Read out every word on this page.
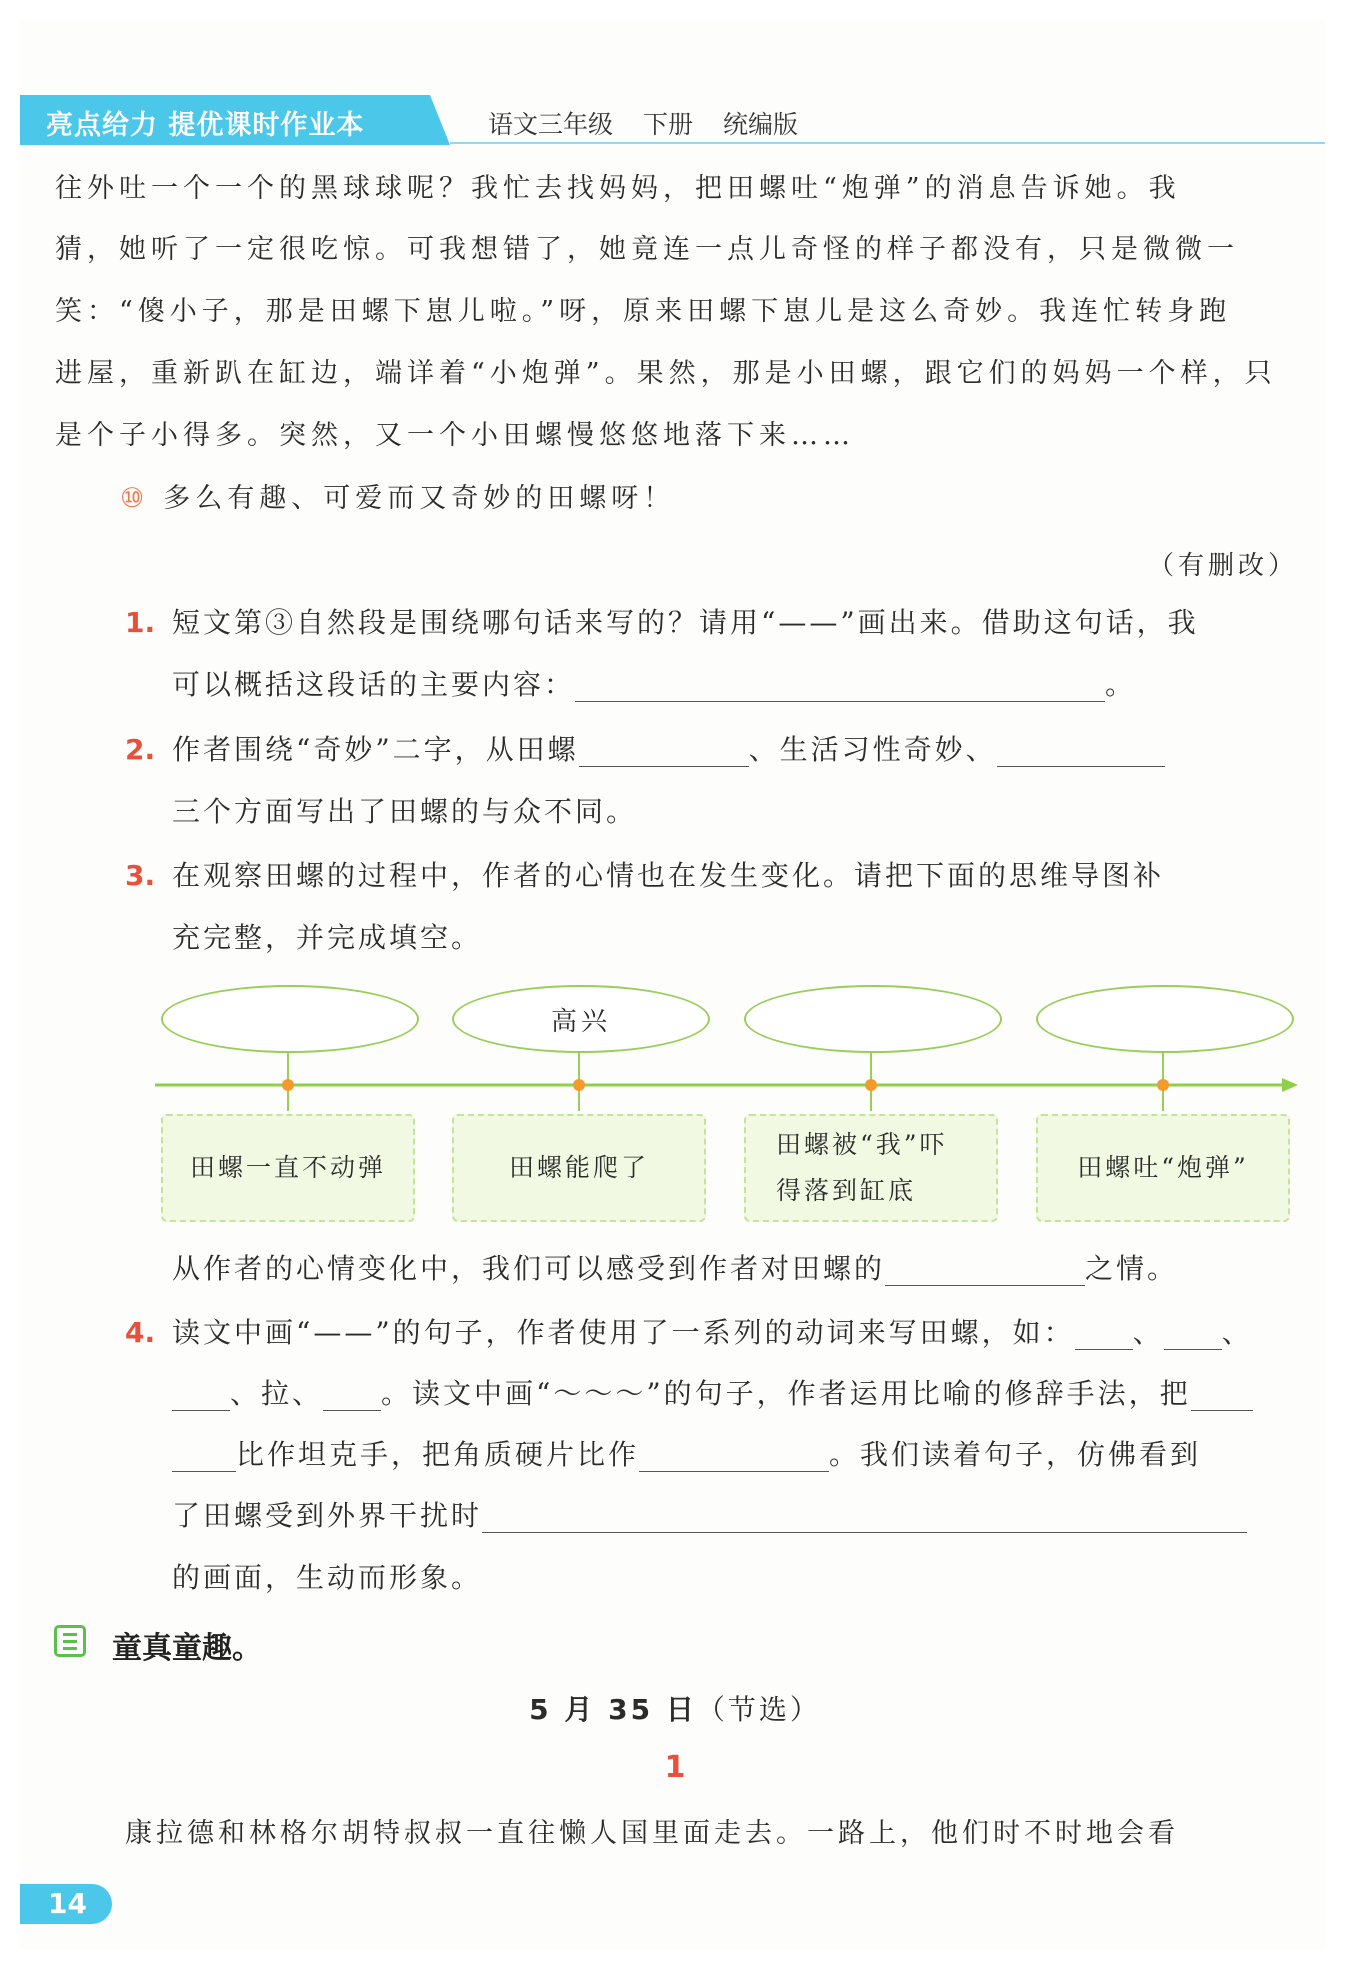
亮点给力 提优课时作业本	语文三年级 下册 统编版
往外吐一个一个的黑球球呢？我忙去找妈妈，把田螺吐“炮弹”的消息告诉她。我
猜，她听了一定很吃惊。可我想错了，她竟连一点儿奇怪的样子都没有，只是微微一
笑：“傻小子，那是田螺下崽儿啦。”呀，原来田螺下崽儿是这么奇妙。我连忙转身跑
进屋，重新趴在缸边，端详着“小炮弹”。果然，那是小田螺，跟它们的妈妈一个样，只
是个子小得多。突然，又一个小田螺慢悠悠地落下来……
⑩ 多么有趣、可爱而又奇妙的田螺呀！
（有删改）
1. 短文第③自然段是围绕哪句话来写的？请用“——”画出来。借助这句话，我
可以概括这段话的主要内容：	。
2. 作者围绕“奇妙”二字，从田螺	、生活习性奇妙、
三个方面写出了田螺的与众不同。
3. 在观察田螺的过程中，作者的心情也在发生变化。请把下面的思维导图补
充完整，并完成填空。
高兴
田螺一直不动弹	田螺能爬了
田螺被“我”吓得落到缸底
田螺吐“炮弹”
从作者的心情变化中，我们可以感受到作者对田螺的	之情。
4. 读文中画“——”的句子，作者使用了一系列的动词来写田螺，如： 、 、
、拉、 。读文中画“～～～”的句子，作者运用比喻的修辞手法，把
比作坦克手，把角质硬片比作	。我们读着句子，仿佛看到
了田螺受到外界干扰时
的画面，生动而形象。
童真童趣。
5 月 35 日（节选）
1
康拉德和林格尔胡特叔叔一直往懒人国里面走去。一路上，他们时不时地会看
14
